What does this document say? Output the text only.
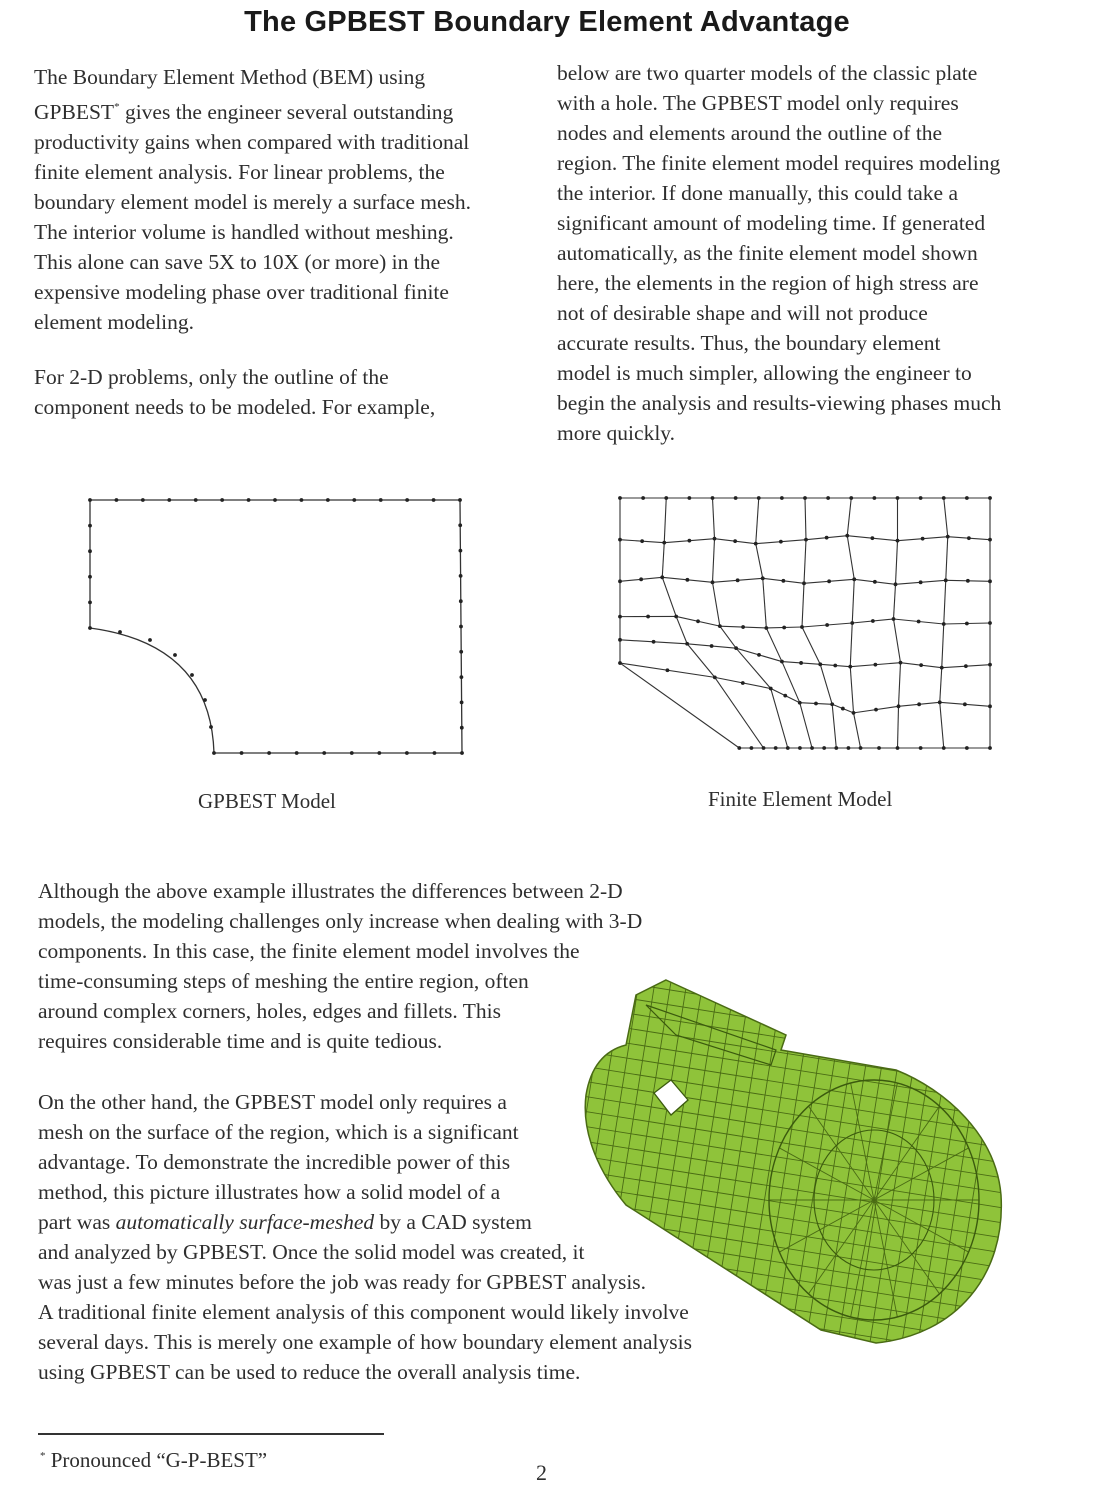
The GPBEST Boundary Element Advantage
The Boundary Element Method (BEM) using
GPBEST* gives the engineer several outstanding
productivity gains when compared with traditional
finite element analysis. For linear problems, the
boundary element model is merely a surface mesh.
The interior volume is handled without meshing.
This alone can save 5X to 10X (or more) in the
expensive modeling phase over traditional finite
element modeling.
For 2-D problems, only the outline of the
component needs to be modeled. For example,
below are two quarter models of the classic plate
with a hole. The GPBEST model only requires
nodes and elements around the outline of the
region. The finite element model requires modeling
the interior. If done manually, this could take a
significant amount of modeling time. If generated
automatically, as the finite element model shown
here, the elements in the region of high stress are
not of desirable shape and will not produce
accurate results. Thus, the boundary element
model is much simpler, allowing the engineer to
begin the analysis and results-viewing phases much
more quickly.
GPBEST Model	Finite Element Model
Although the above example illustrates the differences between 2-D
models, the modeling challenges only increase when dealing with 3-D
components. In this case, the finite element model involves the
time-consuming steps of meshing the entire region, often
around complex corners, holes, edges and fillets. This
requires considerable time and is quite tedious.
On the other hand, the GPBEST model only requires a
mesh on the surface of the region, which is a significant
advantage. To demonstrate the incredible power of this
method, this picture illustrates how a solid model of a
part was automatically surface-meshed by a CAD system
and analyzed by GPBEST. Once the solid model was created, it
was just a few minutes before the job was ready for GPBEST analysis.
A traditional finite element analysis of this component would likely involve
several days. This is merely one example of how boundary element analysis
using GPBEST can be used to reduce the overall analysis time.
* Pronounced “G-P-BEST”	2
